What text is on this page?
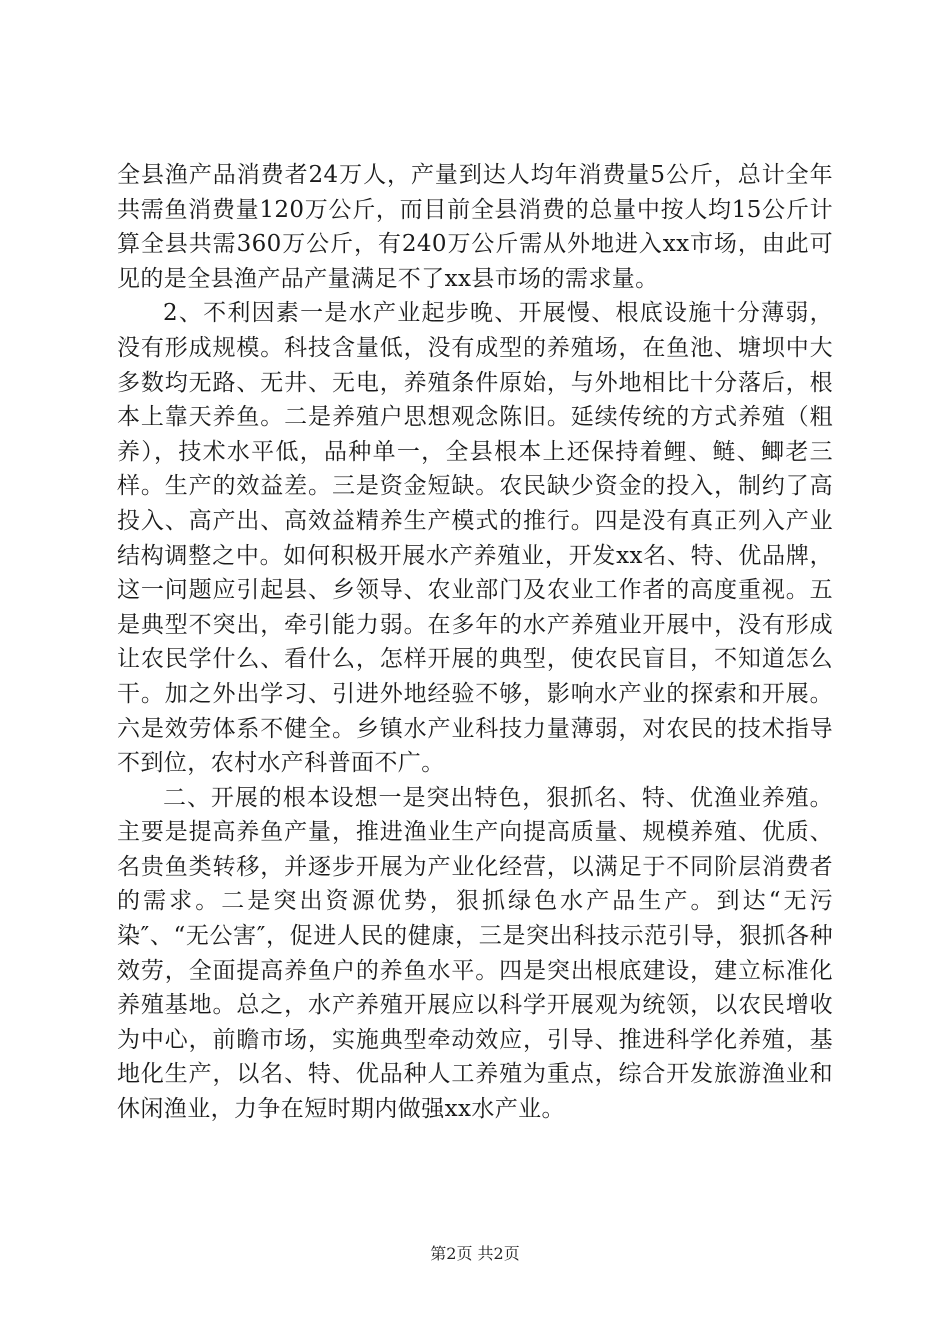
全县渔产品消费者24万人，产量到达人均年消费量5公斤，总计全年共需鱼消费量120万公斤，而目前全县消费的总量中按人均15公斤计算全县共需360万公斤，有240万公斤需从外地进入xx市场，由此可见的是全县渔产品产量满足不了xx县市场的需求量。

2、不利因素一是水产业起步晚、开展慢、根底设施十分薄弱，没有形成规模。科技含量低，没有成型的养殖场，在鱼池、塘坝中大多数均无路、无井、无电，养殖条件原始，与外地相比十分落后，根本上靠天养鱼。二是养殖户思想观念陈旧。延续传统的方式养殖（粗养），技术水平低，品种单一，全县根本上还保持着鲤、鲢、鲫老三样。生产的效益差。三是资金短缺。农民缺少资金的投入，制约了高投入、高产出、高效益精养生产模式的推行。四是没有真正列入产业结构调整之中。如何积极开展水产养殖业，开发xx名、特、优品牌，这一问题应引起县、乡领导、农业部门及农业工作者的高度重视。五是典型不突出，牵引能力弱。在多年的水产养殖业开展中，没有形成让农民学什么、看什么，怎样开展的典型，使农民盲目，不知道怎么干。加之外出学习、引进外地经验不够，影响水产业的探索和开展。六是效劳体系不健全。乡镇水产业科技力量薄弱，对农民的技术指导不到位，农村水产科普面不广。

二、开展的根本设想一是突出特色，狠抓名、特、优渔业养殖。主要是提高养鱼产量，推进渔业生产向提高质量、规模养殖、优质、名贵鱼类转移，并逐步开展为产业化经营，以满足于不同阶层消费者的需求。二是突出资源优势，狠抓绿色水产品生产。到达“无污染″、“无公害″，促进人民的健康，三是突出科技示范引导，狠抓各种效劳，全面提高养鱼户的养鱼水平。四是突出根底建设，建立标准化养殖基地。总之，水产养殖开展应以科学开展观为统领，以农民增收为中心，前瞻市场，实施典型牵动效应，引导、推进科学化养殖，基地化生产，以名、特、优品种人工养殖为重点，综合开发旅游渔业和休闲渔业，力争在短时期内做强xx水产业。

第2页 共2页
